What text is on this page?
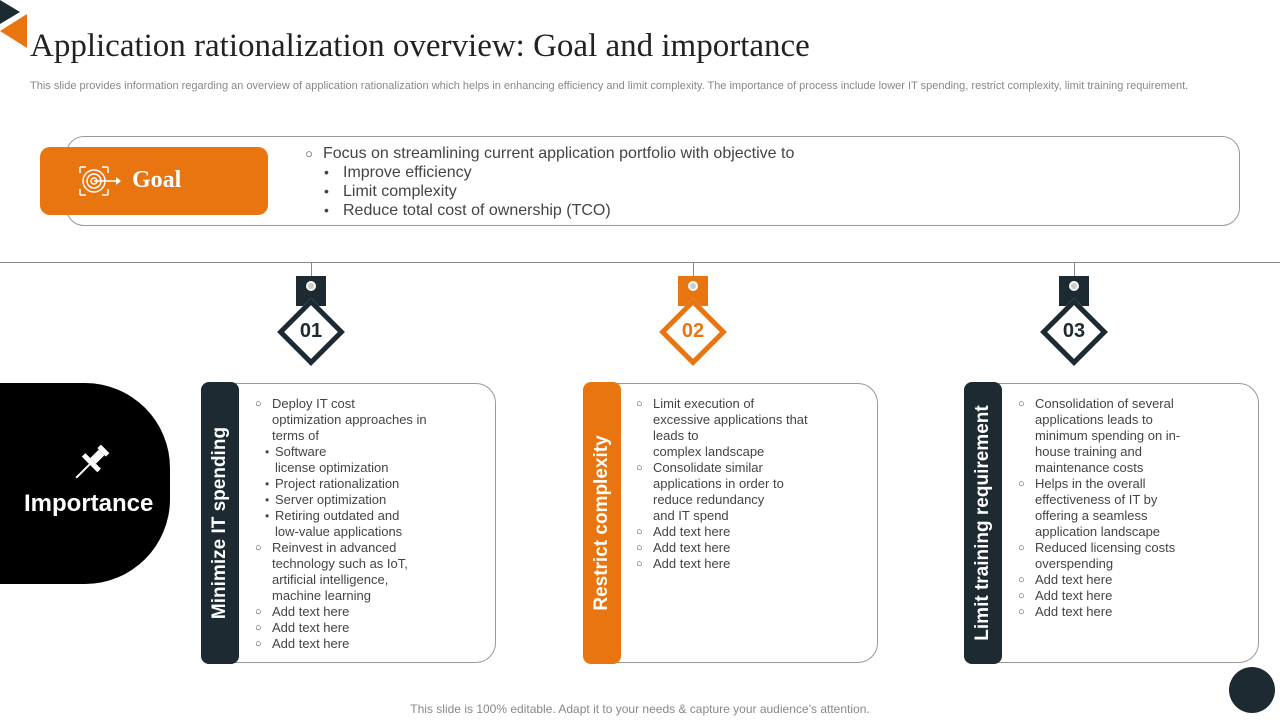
Application rationalization overview: Goal and importance
This slide provides information regarding an overview of application rationalization which helps in enhancing efficiency and limit complexity. The importance of process include lower IT spending, restrict complexity, limit training requirement.
Goal
○ Focus on streamlining current application portfolio with objective to
• Improve efficiency
• Limit complexity
• Reduce total cost of ownership (TCO)
01	02	03
Importance	Minimize IT spending
○ Deploy IT cost
optimization approaches in
terms of
• Software
license optimization
• Project rationalization
• Server optimization
• Retiring outdated and
low-value applications
○ Reinvest in advanced
technology such as IoT,
artificial intelligence,
machine learning
○ Add text here
○ Add text here
○ Add text here
Restrict complexity
○ Limit execution of
excessive applications that
leads to
complex landscape
○ Consolidate similar
applications in order to
reduce redundancy
and IT spend
○ Add text here
○ Add text here
○ Add text here	Limit training requirement
○ Consolidation of several
applications leads to
minimum spending on in-
house training and
maintenance costs
○ Helps in the overall
effectiveness of IT by
offering a seamless
application landscape
○ Reduced licensing costs
overspending
○ Add text here
○ Add text here
○ Add text here
This slide is 100% editable. Adapt it to your needs & capture your audience’s attention.
